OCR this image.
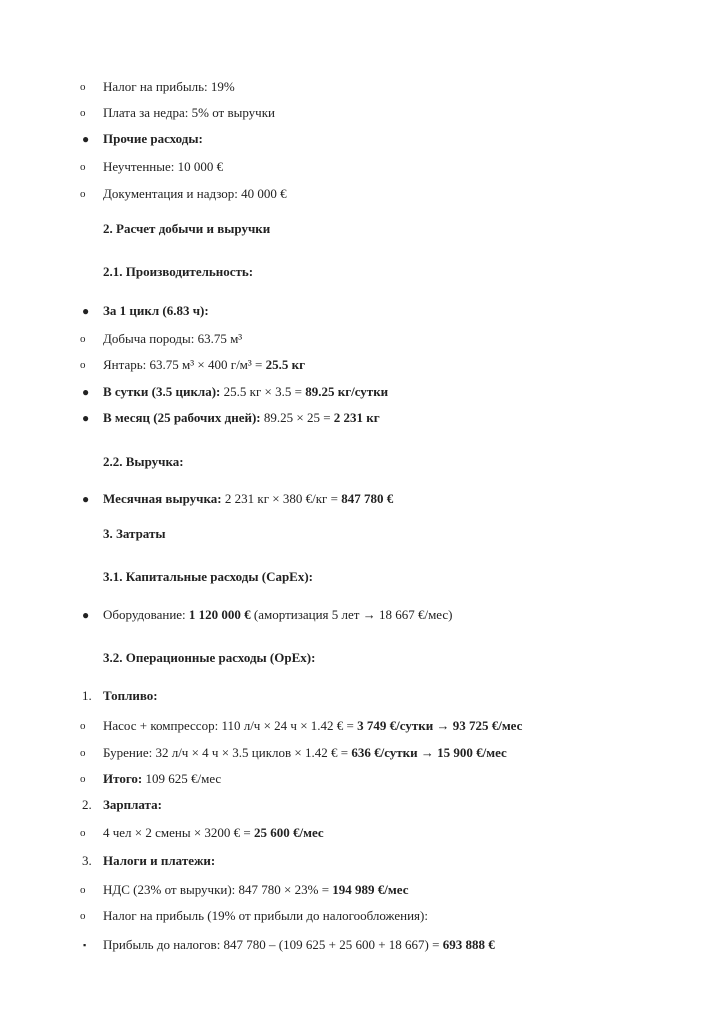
o	Налог на прибыль: 19%
o	Плата за недра: 5% от выручки
●	Прочие расходы:
o	Неучтенные: 10 000 €
o	Документация и надзор: 40 000 €
2. Расчет добычи и выручки
2.1. Производительность:
●	За 1 цикл (6.83 ч):
o	Добыча породы: 63.75 м³
o	Янтарь: 63.75 м³ × 400 г/м³ = 25.5 кг
●	В сутки (3.5 цикла): 25.5 кг × 3.5 = 89.25 кг/сутки
●	В месяц (25 рабочих дней): 89.25 × 25 = 2 231 кг
2.2. Выручка:
●	Месячная выручка: 2 231 кг × 380 €/кг = 847 780 €
3. Затраты
3.1. Капитальные расходы (CapEx):
●	Оборудование: 1 120 000 € (амортизация 5 лет → 18 667 €/мес)
3.2. Операционные расходы (OpEx):
1. Топливо:
o	Насос + компрессор: 110 л/ч × 24 ч × 1.42 € = 3 749 €/сутки → 93 725 €/мес
o	Бурение: 32 л/ч × 4 ч × 3.5 циклов × 1.42 € = 636 €/сутки → 15 900 €/мес
o	Итого: 109 625 €/мес
2. Зарплата:
o	4 чел × 2 смены × 3200 € = 25 600 €/мес
3. Налоги и платежи:
o	НДС (23% от выручки): 847 780 × 23% = 194 989 €/мес
o	Налог на прибыль (19% от прибыли до налогообложения):
▪	Прибыль до налогов: 847 780 – (109 625 + 25 600 + 18 667) = 693 888 €
